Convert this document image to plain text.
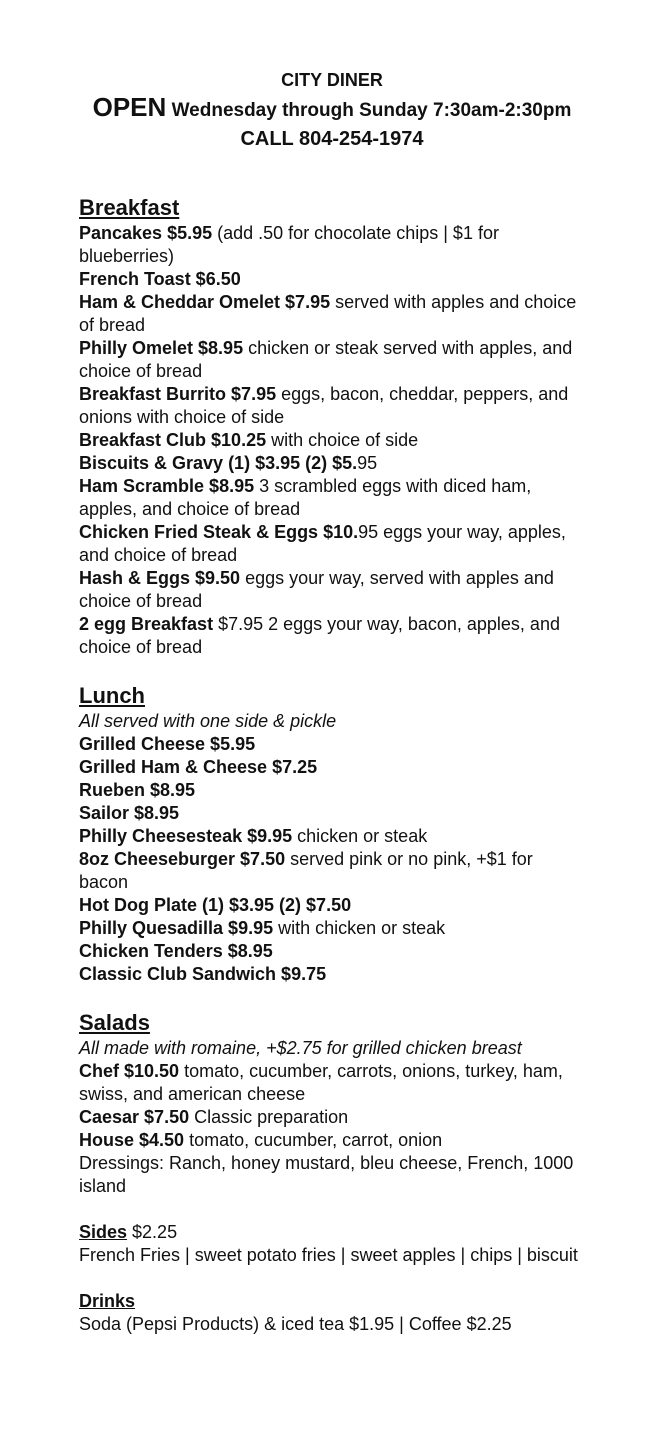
CITY DINER
OPEN Wednesday through Sunday 7:30am-2:30pm
CALL 804-254-1974
Breakfast
Pancakes $5.95 (add .50 for chocolate chips | $1 for blueberries)
French Toast $6.50
Ham & Cheddar Omelet $7.95 served with apples and choice of bread
Philly Omelet $8.95 chicken or steak served with apples, and choice of bread
Breakfast Burrito $7.95 eggs, bacon, cheddar, peppers, and onions with choice of side
Breakfast Club $10.25 with choice of side
Biscuits & Gravy (1) $3.95 (2) $5.95
Ham Scramble $8.95 3 scrambled eggs with diced ham, apples, and choice of bread
Chicken Fried Steak & Eggs $10.95 eggs your way, apples, and choice of bread
Hash & Eggs $9.50 eggs your way, served with apples and choice of bread
2 egg Breakfast $7.95 2 eggs your way, bacon, apples, and choice of bread
Lunch
All served with one side & pickle
Grilled Cheese $5.95
Grilled Ham & Cheese $7.25
Rueben $8.95
Sailor $8.95
Philly Cheesesteak $9.95 chicken or steak
8oz Cheeseburger $7.50 served pink or no pink, +$1 for bacon
Hot Dog Plate (1) $3.95 (2) $7.50
Philly Quesadilla $9.95 with chicken or steak
Chicken Tenders $8.95
Classic Club Sandwich $9.75
Salads
All made with romaine, +$2.75 for grilled chicken breast
Chef $10.50 tomato, cucumber, carrots, onions, turkey, ham, swiss, and american cheese
Caesar $7.50 Classic preparation
House $4.50 tomato, cucumber, carrot, onion
Dressings: Ranch, honey mustard, bleu cheese, French, 1000 island
Sides $2.25
French Fries | sweet potato fries | sweet apples | chips | biscuit
Drinks
Soda (Pepsi Products) & iced tea $1.95 | Coffee $2.25
